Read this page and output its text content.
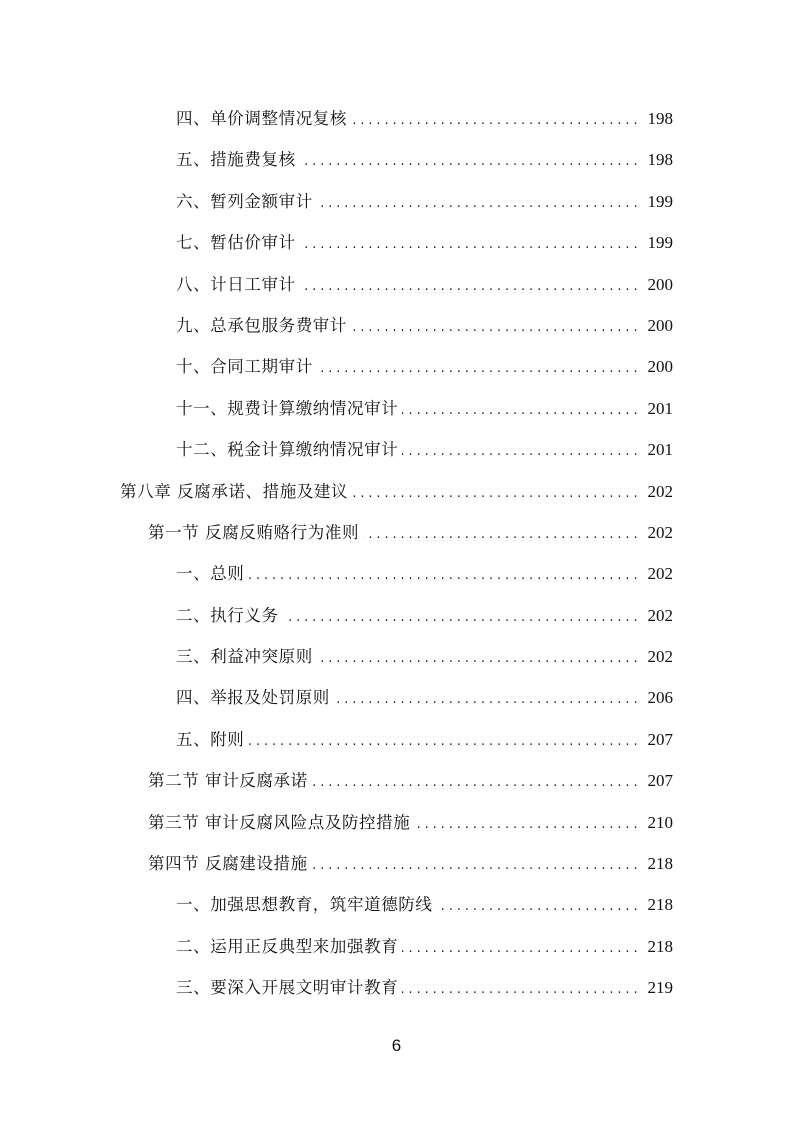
四、单价调整情况复核 .....	198
五、措施费复核 .....	198
六、暂列金额审计 .....	199
七、暂估价审计 .....	199
八、计日工审计 .....	200
九、总承包服务费审计 .....	200
十、合同工期审计 .....	200
十一、规费计算缴纳情况审计 .....	201
十二、税金计算缴纳情况审计 .....	201
第八章 反腐承诺、措施及建议 .....	202
第一节 反腐反贿赂行为准则 .....	202
一、总则 .....	202
二、执行义务 .....	202
三、利益冲突原则 .....	202
四、举报及处罚原则 .....	206
五、附则 .....	207
第二节 审计反腐承诺 .....	207
第三节 审计反腐风险点及防控措施 .....	210
第四节 反腐建设措施 .....	218
一、加强思想教育，筑牢道德防线 .....	218
二、运用正反典型来加强教育 .....	218
三、要深入开展文明审计教育 .....	219
6
